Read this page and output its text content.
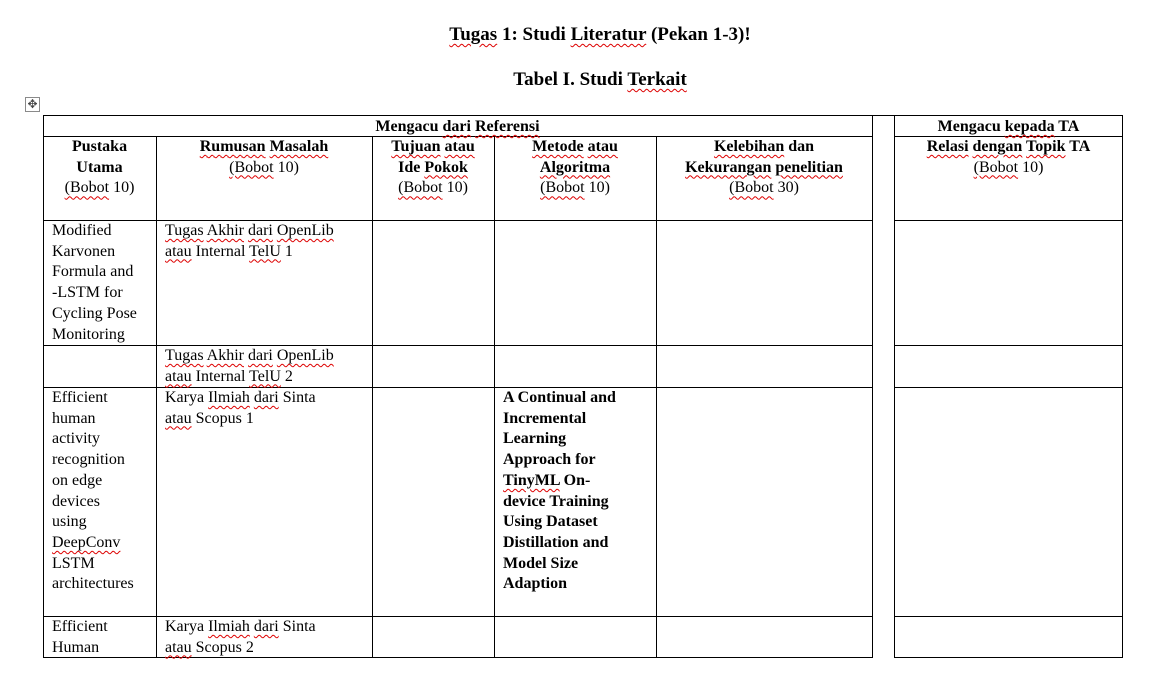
Tugas 1: Studi Literatur (Pekan 1-3)!
Tabel I. Studi Terkait
✥
Mengacu dari Referensi	Mengacu kepada TA
Pustaka
Utama
(Bobot 10)
Rumusan Masalah
(Bobot 10)
Tujuan atau
Ide Pokok
(Bobot 10)
Metode atau
Algoritma
(Bobot 10)
Kelebihan dan
Kekurangan penelitian
(Bobot 30)
Relasi dengan Topik TA
(Bobot 10)
Modified
Karvonen
Formula and
-LSTM for
Cycling Pose
Monitoring
Tugas Akhir dari OpenLib
atau Internal TelU 1
Tugas Akhir dari OpenLib
atau Internal TelU 2
Efficient
human
activity
recognition
on edge
devices
using
DeepConv
LSTM
architectures
Karya Ilmiah dari Sinta
atau Scopus 1
A Continual and
Incremental
Learning
Approach for
TinyML On-
device Training
Using Dataset
Distillation and
Model Size
Adaption
Efficient
Human
Karya Ilmiah dari Sinta
atau Scopus 2
